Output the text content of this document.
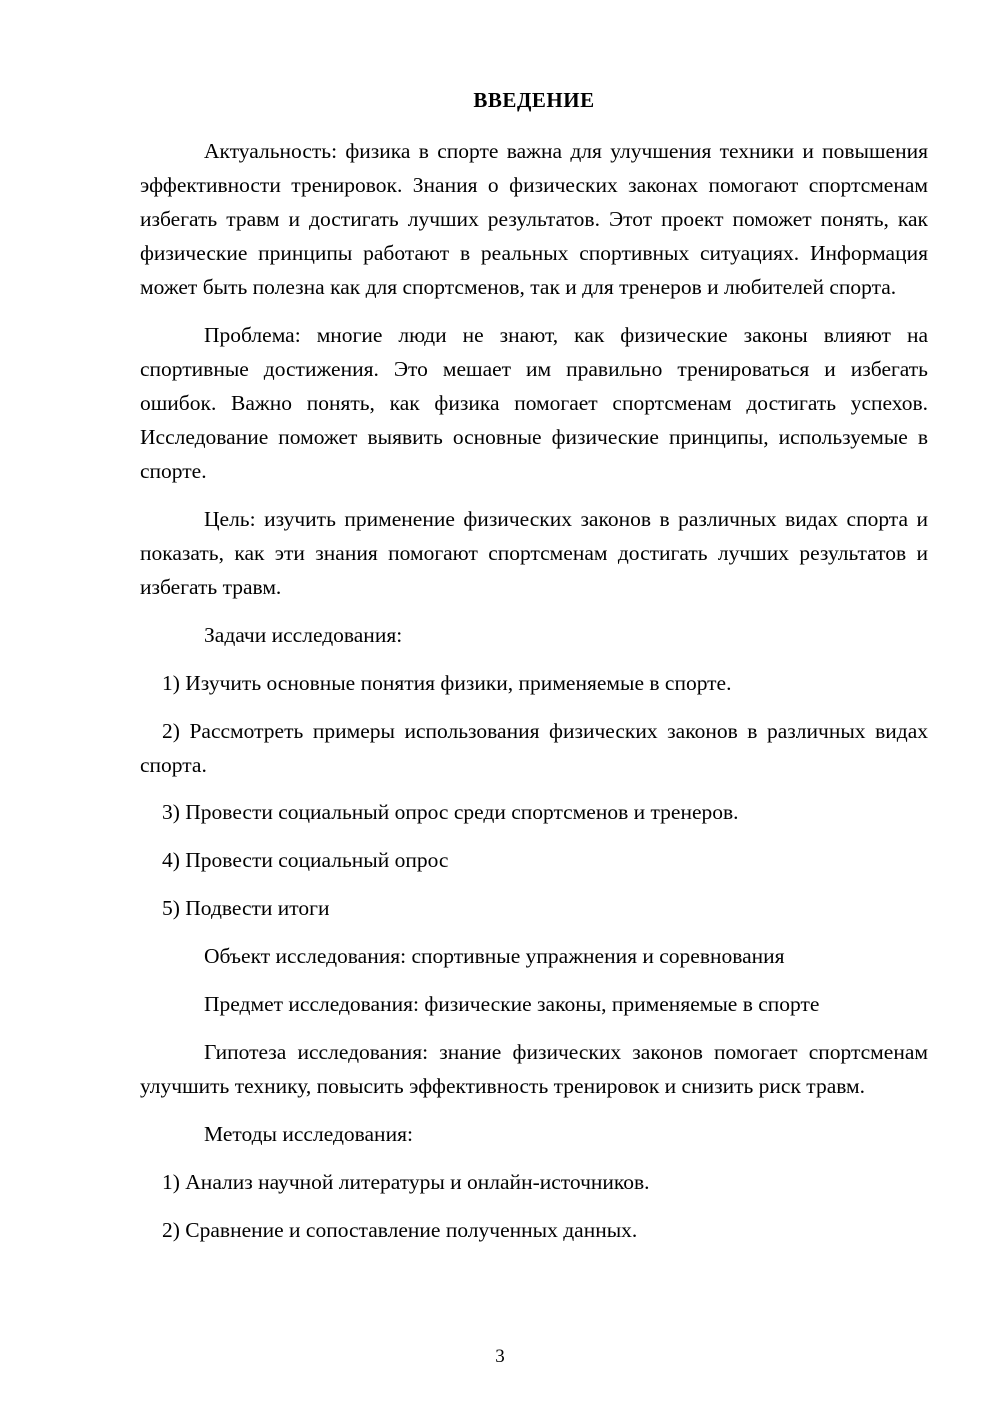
ВВЕДЕНИЕ

Актуальность: физика в спорте важна для улучшения техники и повышения эффективности тренировок. Знания о физических законах помогают спортсменам избегать травм и достигать лучших результатов. Этот проект поможет понять, как физические принципы работают в реальных спортивных ситуациях. Информация может быть полезна как для спортсменов, так и для тренеров и любителей спорта.

Проблема: многие люди не знают, как физические законы влияют на спортивные достижения. Это мешает им правильно тренироваться и избегать ошибок. Важно понять, как физика помогает спортсменам достигать успехов. Исследование поможет выявить основные физические принципы, используемые в спорте.

Цель: изучить применение физических законов в различных видах спорта и показать, как эти знания помогают спортсменам достигать лучших результатов и избегать травм.

Задачи исследования:

1) Изучить основные понятия физики, применяемые в спорте.

2) Рассмотреть примеры использования физических законов в различных видах спорта.

3) Провести социальный опрос среди спортсменов и тренеров.

4) Провести социальный опрос

5) Подвести итоги

Объект исследования: спортивные упражнения и соревнования

Предмет исследования: физические законы, применяемые в спорте

Гипотеза исследования: знание физических законов помогает спортсменам улучшить технику, повысить эффективность тренировок и снизить риск травм.

Методы исследования:

1) Анализ научной литературы и онлайн-источников.

2) Сравнение и сопоставление полученных данных.

3
